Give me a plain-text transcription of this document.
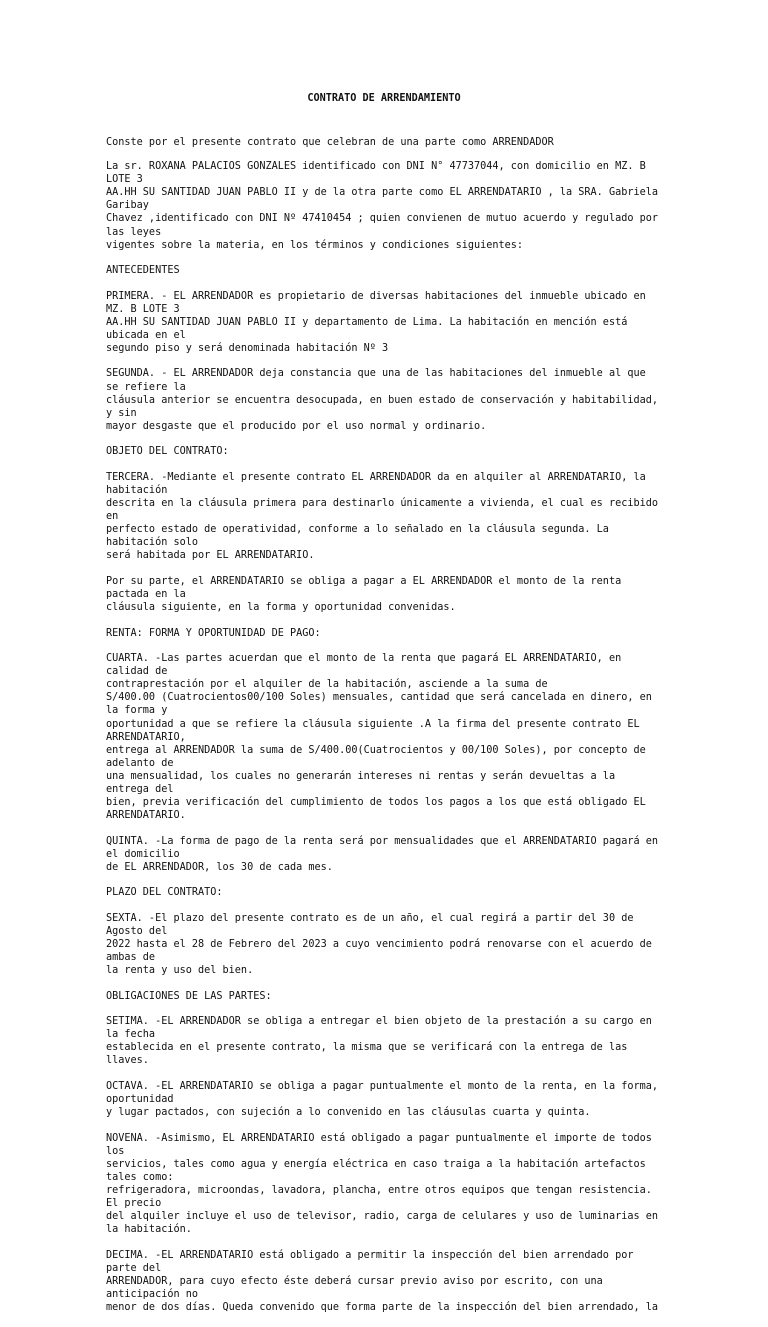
CONTRATO DE ARRENDAMIENTO

Conste por el presente contrato que celebran de una parte como ARRENDADOR

La sr. ROXANA PALACIOS GONZALES identificado con DNI N° 47737044, con domicilio en MZ. B LOTE 3
AA.HH SU SANTIDAD JUAN PABLO II y de la otra parte como EL ARRENDATARIO , la SRA. Gabriela Garibay
Chavez ,identificado con DNI Nº 47410454 ; quien convienen de mutuo acuerdo y regulado por las leyes
vigentes sobre la materia, en los términos y condiciones siguientes:

ANTECEDENTES

PRIMERA. - EL ARRENDADOR es propietario de diversas habitaciones del inmueble ubicado en MZ. B LOTE 3
AA.HH SU SANTIDAD JUAN PABLO II y departamento de Lima. La habitación en mención está ubicada en el
segundo piso y será denominada habitación Nº 3

SEGUNDA. - EL ARRENDADOR deja constancia que una de las habitaciones del inmueble al que se refiere la
cláusula anterior se encuentra desocupada, en buen estado de conservación y habitabilidad, y sin
mayor desgaste que el producido por el uso normal y ordinario.

OBJETO DEL CONTRATO:

TERCERA. -Mediante el presente contrato EL ARRENDADOR da en alquiler al ARRENDATARIO, la habitación
descrita en la cláusula primera para destinarlo únicamente a vivienda, el cual es recibido en
perfecto estado de operatividad, conforme a lo señalado en la cláusula segunda. La habitación solo
será habitada por EL ARRENDATARIO.

Por su parte, el ARRENDATARIO se obliga a pagar a EL ARRENDADOR el monto de la renta pactada en la
cláusula siguiente, en la forma y oportunidad convenidas.

RENTA: FORMA Y OPORTUNIDAD DE PAGO:

CUARTA. -Las partes acuerdan que el monto de la renta que pagará EL ARRENDATARIO, en calidad de
contraprestación por el alquiler de la habitación, asciende a la suma de
S/400.00 (Cuatrocientos00/100 Soles) mensuales, cantidad que será cancelada en dinero, en la forma y
oportunidad a que se refiere la cláusula siguiente .A la firma del presente contrato EL ARRENDATARIO,
entrega al ARRENDADOR la suma de S/400.00(Cuatrocientos y 00/100 Soles), por concepto de adelanto de
una mensualidad, los cuales no generarán intereses ni rentas y serán devueltas a la entrega del
bien, previa verificación del cumplimiento de todos los pagos a los que está obligado EL ARRENDATARIO.

QUINTA. -La forma de pago de la renta será por mensualidades que el ARRENDATARIO pagará en el domicilio
de EL ARRENDADOR, los 30 de cada mes.

PLAZO DEL CONTRATO:

SEXTA. -El plazo del presente contrato es de un año, el cual regirá a partir del 30 de Agosto del
2022 hasta el 28 de Febrero del 2023 a cuyo vencimiento podrá renovarse con el acuerdo de ambas de
la renta y uso del bien.

OBLIGACIONES DE LAS PARTES:

SETIMA. -EL ARRENDADOR se obliga a entregar el bien objeto de la prestación a su cargo en la fecha
establecida en el presente contrato, la misma que se verificará con la entrega de las llaves.

OCTAVA. -EL ARRENDATARIO se obliga a pagar puntualmente el monto de la renta, en la forma, oportunidad
y lugar pactados, con sujeción a lo convenido en las cláusulas cuarta y quinta.

NOVENA. -Asimismo, EL ARRENDATARIO está obligado a pagar puntualmente el importe de todos los
servicios, tales como agua y energía eléctrica en caso traiga a la habitación artefactos tales como:
refrigeradora, microondas, lavadora, plancha, entre otros equipos que tengan resistencia. El precio
del alquiler incluye el uso de televisor, radio, carga de celulares y uso de luminarias en
la habitación.

DECIMA. -EL ARRENDATARIO está obligado a permitir la inspección del bien arrendado por parte del
ARRENDADOR, para cuyo efecto éste deberá cursar previo aviso por escrito, con una anticipación no
menor de dos días. Queda convenido que forma parte de la inspección del bien arrendado, la
